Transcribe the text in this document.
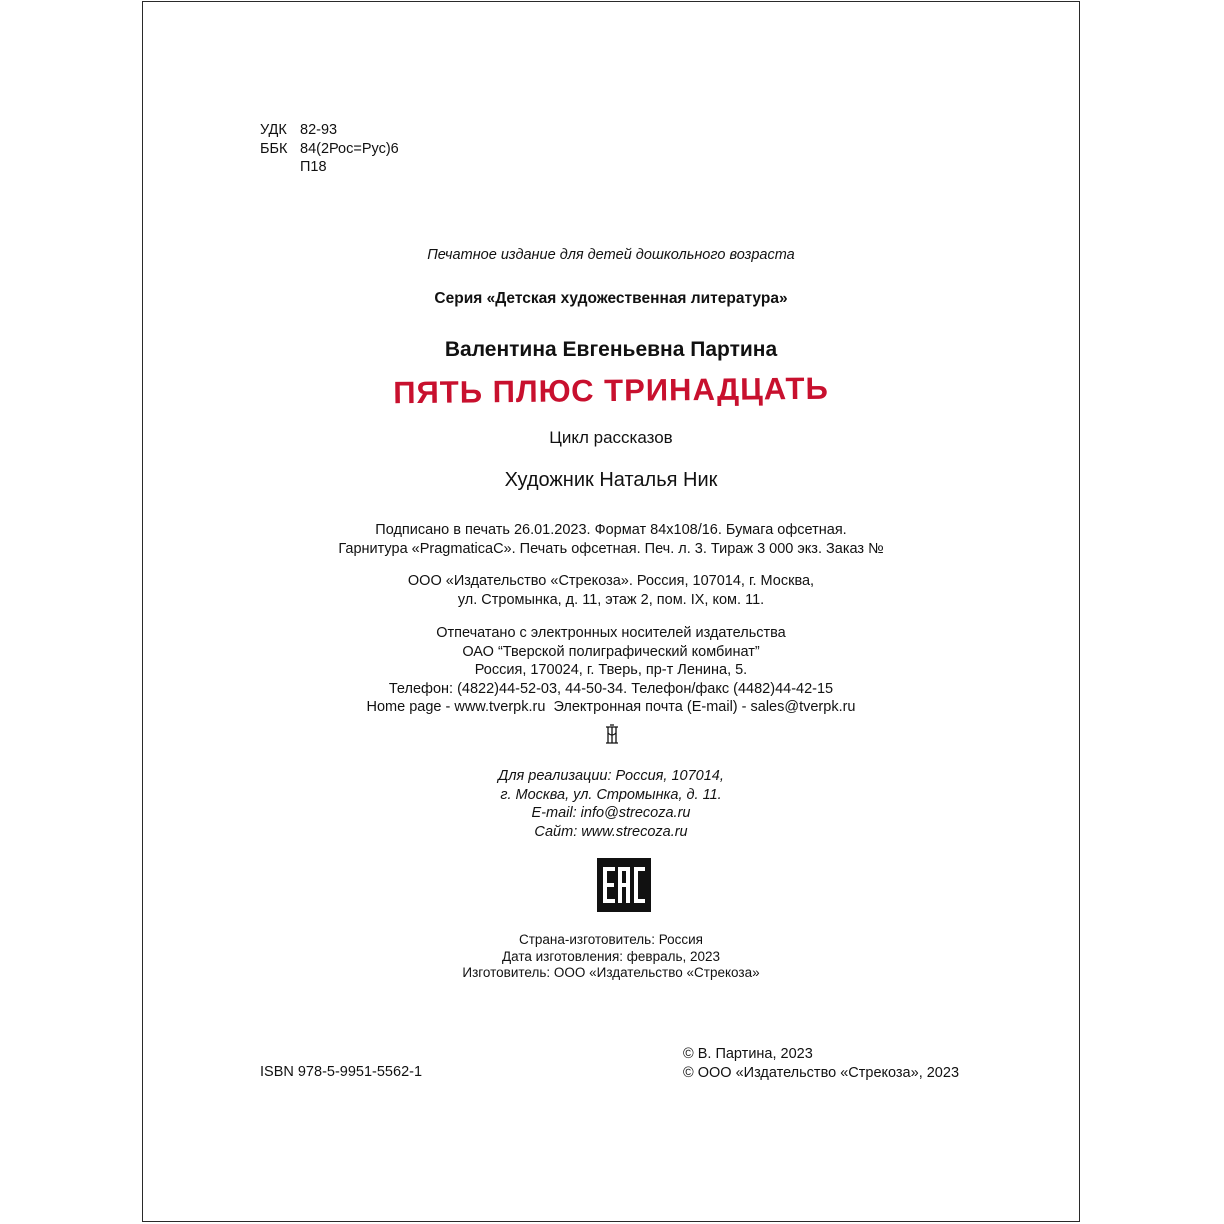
УДК 82-93
ББК 84(2Рос=Рус)6
П18
Печатное издание для детей дошкольного возраста
Серия «Детская художественная литература»
Валентина Евгеньевна Партина
ПЯТЬ ПЛЮС ТРИНАДЦАТЬ
Цикл рассказов
Художник Наталья Ник
Подписано в печать 26.01.2023. Формат 84х108/16. Бумага офсетная.
Гарнитура «PragmaticaC». Печать офсетная. Печ. л. 3. Тираж 3 000 экз. Заказ №
ООО «Издательство «Стрекоза». Россия, 107014, г. Москва,
ул. Стромынка, д. 11, этаж 2, пом. IX, ком. 11.
Отпечатано с электронных носителей издательства
ОАО “Тверской полиграфический комбинат”
Россия, 170024, г. Тверь, пр-т Ленина, 5.
Телефон: (4822)44-52-03, 44-50-34. Телефон/факс (4482)44-42-15
Home page - www.tverpk.ru  Электронная почта (E-mail) - sales@tverpk.ru
Для реализации: Россия, 107014,
г. Москва, ул. Стромынка, д. 11.
E-mail: info@strecoza.ru
Сайт: www.strecoza.ru
Страна-изготовитель: Россия
Дата изготовления: февраль, 2023
Изготовитель: ООО «Издательство «Стрекоза»
ISBN 978-5-9951-5562-1
© В. Партина, 2023
© ООО «Издательство «Стрекоза», 2023
